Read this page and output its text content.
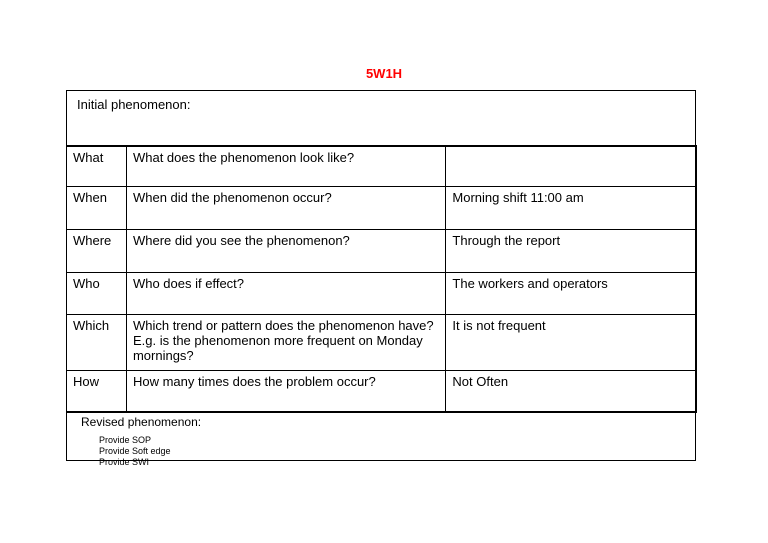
5W1H
Initial phenomenon:
What	What does the phenomenon look like?	
When	When did the phenomenon occur?	Morning shift 11:00 am
Where	Where did you see the phenomenon?	Through the report
Who	Who does if effect?	The workers and operators
Which	Which trend or pattern does the phenomenon have? E.g. is the phenomenon more frequent on Monday mornings?	It is not frequent
How	How many times does the problem occur?	Not Often
Revised phenomenon:
Provide SOP
Provide Soft edge
Provide SWI
